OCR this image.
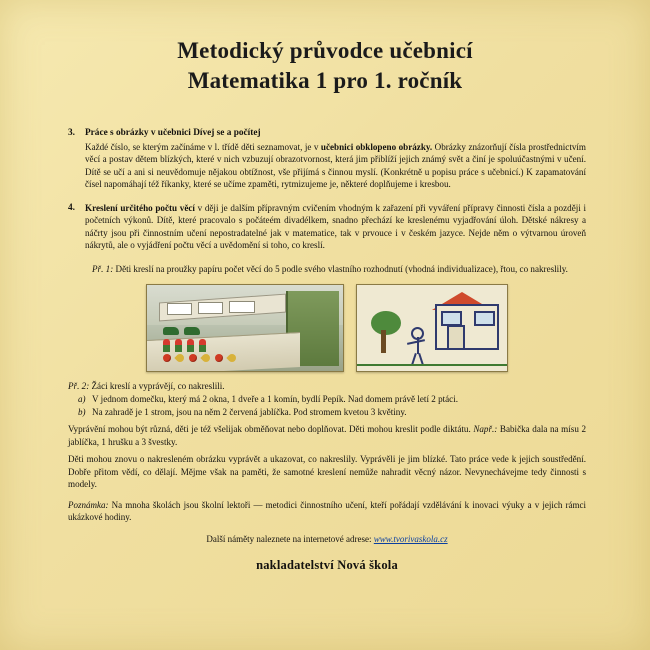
Metodický průvodce učebnicí
Matematika 1 pro 1. ročník
3.	Práce s obrázky v učebnici Dívej se a počítej
Každé číslo, se kterým začínáme v l. třídě děti seznamovat, je v učebnici obklopeno obrázky. Obrázky znázorňují čísla prostřednictvím věcí a postav dětem blízkých, které v nich vzbuzují obrazotvornost, která jim přiblíží jejich známý svět a činí je spoluúčastnými v učení. Dítě se učí a ani si neuvědomuje nějakou obtížnost, vše přijímá s činnou myslí. (Konkrétně u popisu práce s učebnicí.) K zapamatování čísel napomáhají též říkanky, které se učíme zpaměti, rytmizujeme je, některé doplňujeme i kresbou.
4.	Kreslení určitého počtu věcí v ději je dalším přípravným cvičením vhodným k zařazení při vyváření přípravy činnosti čísla a později i početních výkonů. Dítě, které pracovalo s počáteém divadélkem, snadno přechází ke kreslenému vyjadřování úloh. Dětské nákresy a náčrty jsou při činnostním učení nepostradatelné jak v matematice, tak v prvouce i v českém jazyce. Nejde něm o výtvarnou úroveň nákrytů, ale o vyjádření počtu věcí a uvědomění si toho, co kreslí.
Př. 1: Děti kreslí na proužky papíru počet věcí do 5 podle svého vlastního rozhodnutí (vhodná individualizace), řtou, co nakreslily.
Př. 2: Žáci kreslí a vyprávějí, co nakreslili.
a) V jednom domečku, který má 2 okna, 1 dveře a 1 komín, bydlí Pepík. Nad domem právě letí 2 ptáci.
b) Na zahradě je 1 strom, jsou na něm 2 červená jablíčka. Pod stromem kvetou 3 květiny.
Vyprávění mohou být různá, děti je též všelijak obměňovat nebo doplňovat. Děti mohou kreslit podle diktátu. Např.: Babička dala na mísu 2 jablíčka, 1 hrušku a 3 švestky.
Děti mohou znovu o nakresleném obrázku vyprávět a ukazovat, co nakreslily. Vyprávěli je jim blízké. Tato práce vede k jejich soustředění. Dobře přitom vědí, co dělají. Mějme však na paměti, že samotné kreslení nemůže nahradit věcný názor. Nevynechávejme tedy činnosti s modely.
Poznámka: Na mnoha školách jsou školní lektoři — metodici činnostního učení, kteří pořádají vzdělávání k inovaci výuky a v jejich rámci ukázkové hodiny.
Další náměty naleznete na internetové adrese: www.tvorivaskola.cz
nakladatelství Nová škola
